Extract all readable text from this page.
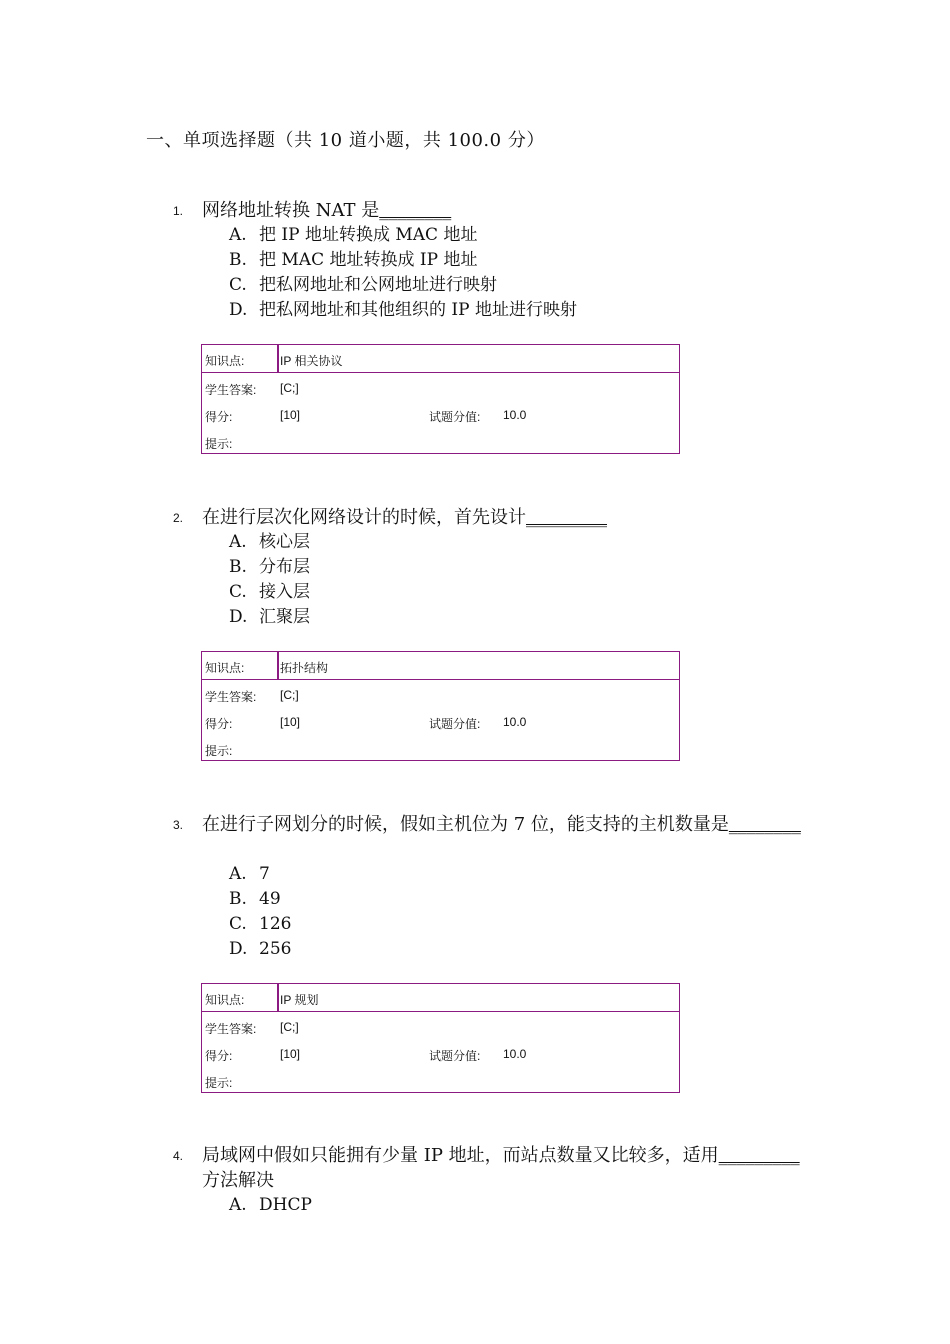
一、单项选择题（共 10 道小题，共 100.0 分）
1. 网络地址转换 NAT 是________
A. 把 IP 地址转换成 MAC 地址
B. 把 MAC 地址转换成 IP 地址
C. 把私网地址和公网地址进行映射
D. 把私网地址和其他组织的 IP 地址进行映射
知识点:	IP 相关协议
学生答案: [C;]
得分:	[10]	试题分值: 10.0
提示:
2. 在进行层次化网络设计的时候，首先设计_________
A. 核心层
B. 分布层
C. 接入层
D. 汇聚层
知识点:	拓扑结构
学生答案: [C;]
得分:	[10]	试题分值: 10.0
提示:
3. 在进行子网划分的时候，假如主机位为 7 位，能支持的主机数量是________
A. 7
B. 49
C. 126
D. 256
知识点:	IP 规划
学生答案: [C;]
得分:	[10]	试题分值: 10.0
提示:
4. 局域网中假如只能拥有少量 IP 地址，而站点数量又比较多，适用_________方法解决
A. DHCP
